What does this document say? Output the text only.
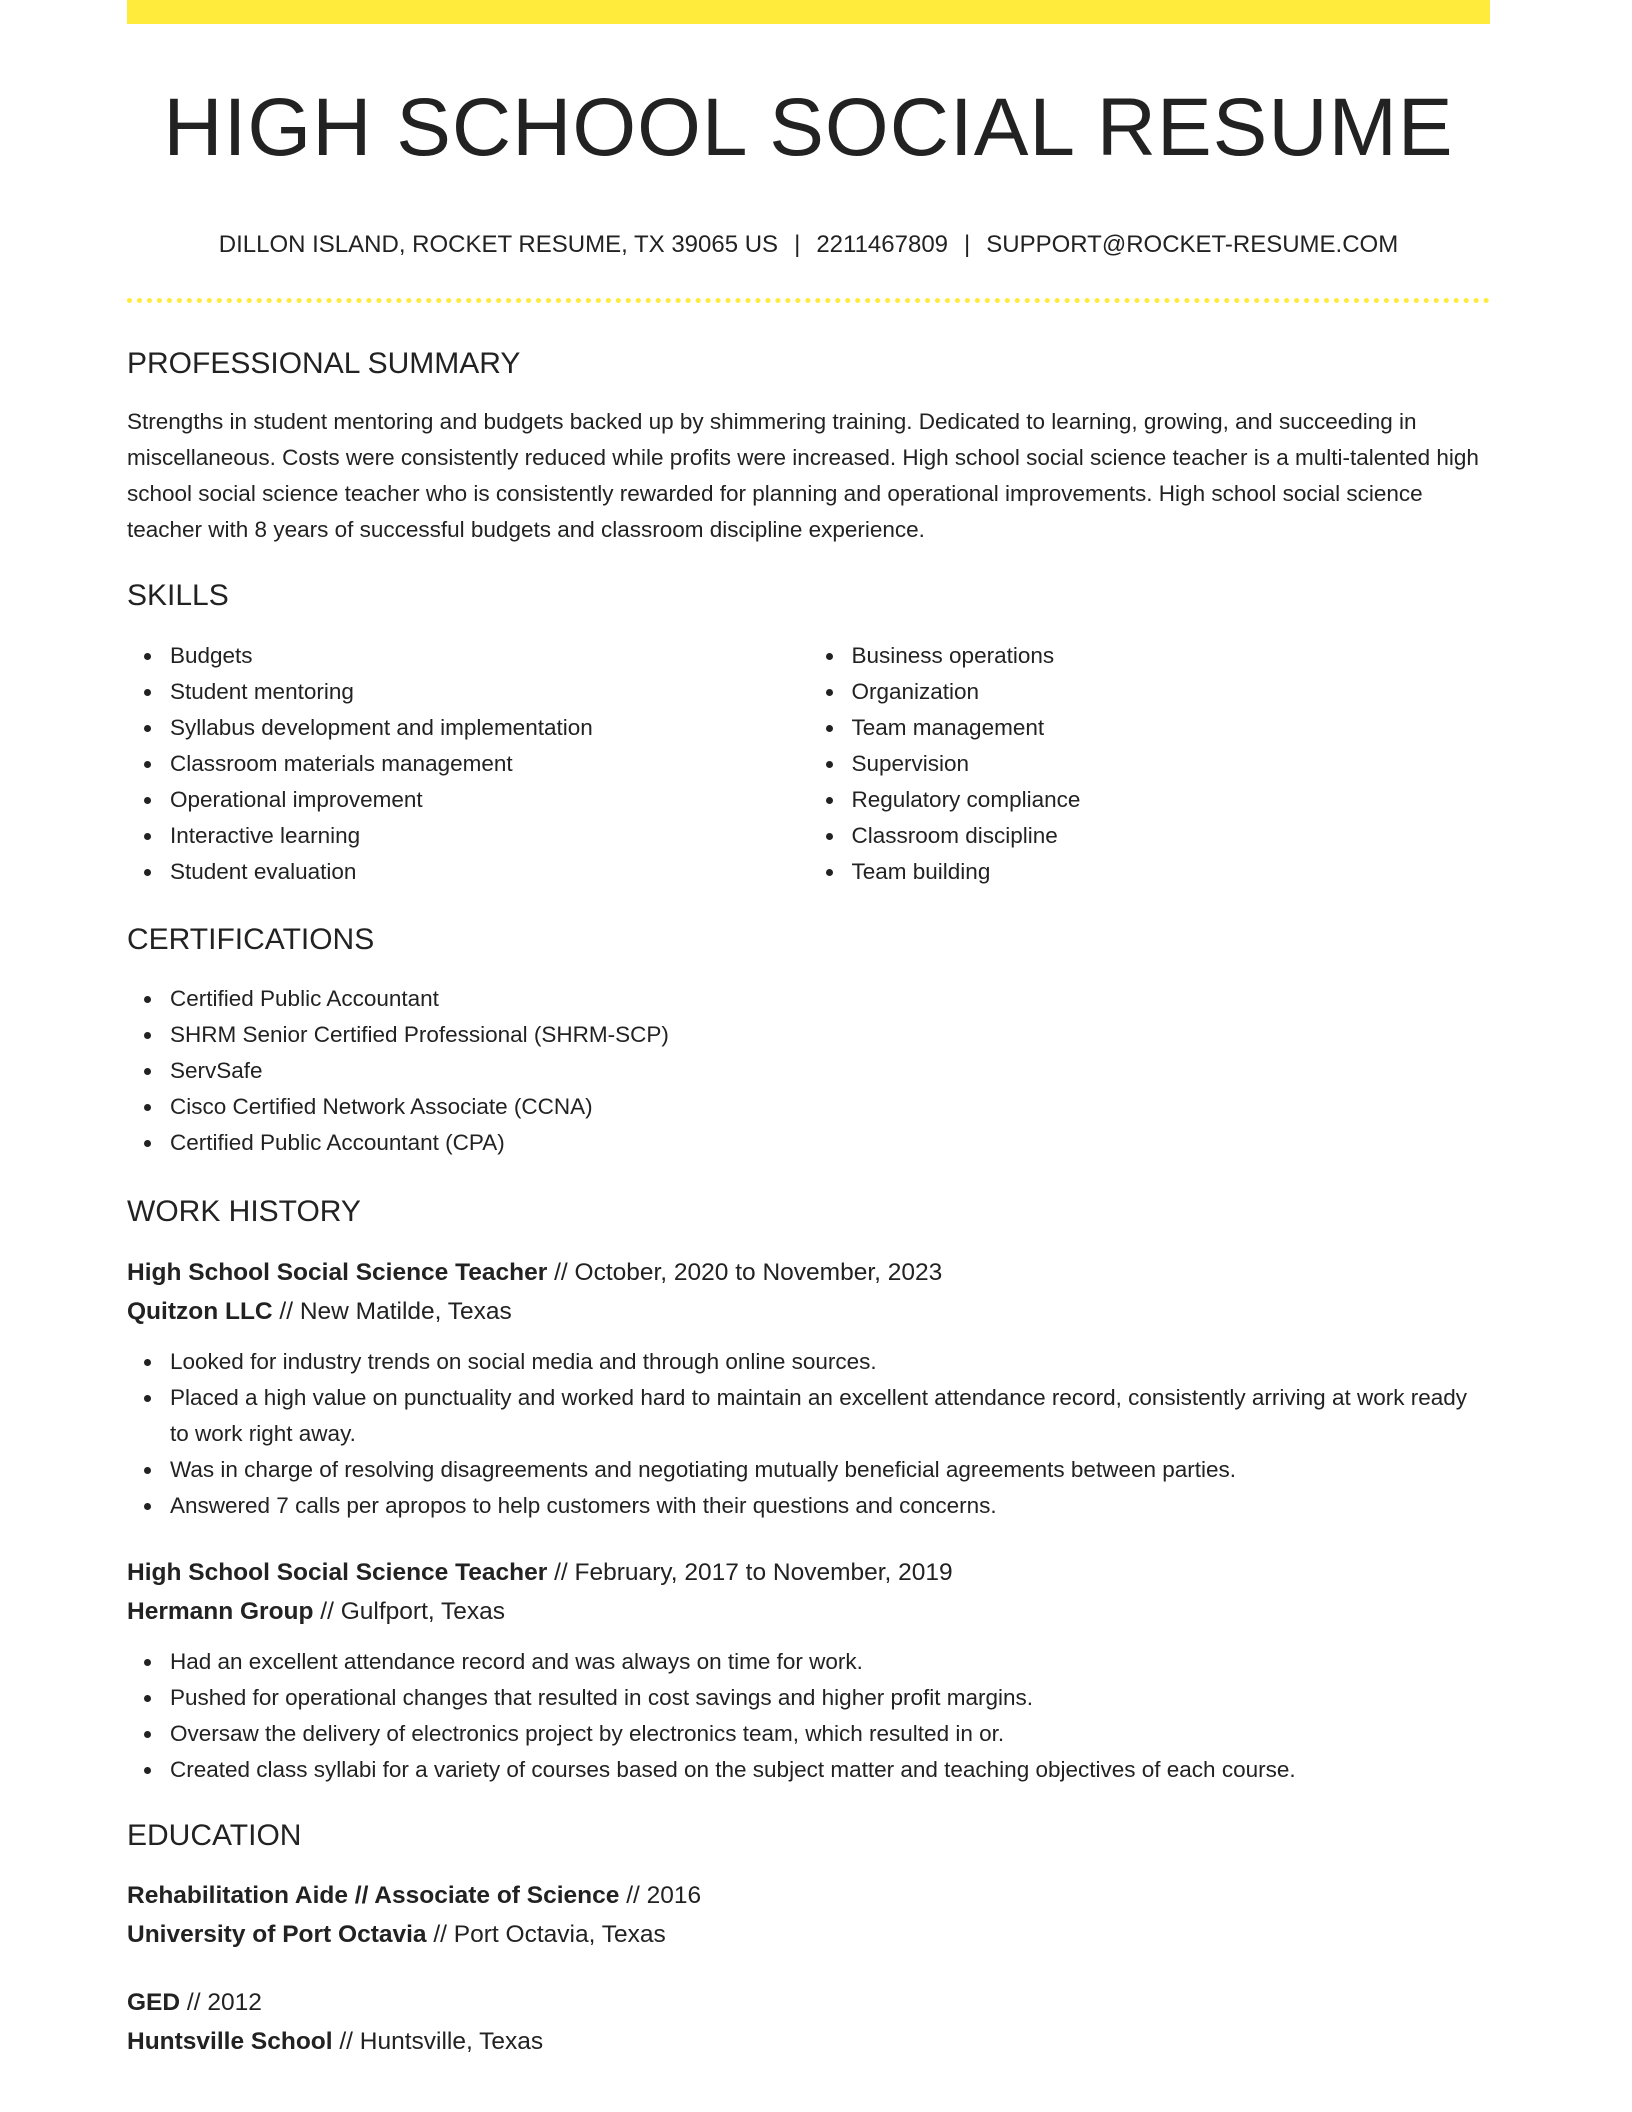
HIGH SCHOOL SOCIAL RESUME
DILLON ISLAND, ROCKET RESUME, TX 39065 US | 2211467809 | SUPPORT@ROCKET-RESUME.COM
PROFESSIONAL SUMMARY
Strengths in student mentoring and budgets backed up by shimmering training. Dedicated to learning, growing, and succeeding in miscellaneous. Costs were consistently reduced while profits were increased. High school social science teacher is a multi-talented high school social science teacher who is consistently rewarded for planning and operational improvements. High school social science teacher with 8 years of successful budgets and classroom discipline experience.
SKILLS
Budgets
Student mentoring
Syllabus development and implementation
Classroom materials management
Operational improvement
Interactive learning
Student evaluation
Business operations
Organization
Team management
Supervision
Regulatory compliance
Classroom discipline
Team building
CERTIFICATIONS
Certified Public Accountant
SHRM Senior Certified Professional (SHRM-SCP)
ServSafe
Cisco Certified Network Associate (CCNA)
Certified Public Accountant (CPA)
WORK HISTORY
High School Social Science Teacher // October, 2020 to November, 2023
Quitzon LLC // New Matilde, Texas
Looked for industry trends on social media and through online sources.
Placed a high value on punctuality and worked hard to maintain an excellent attendance record, consistently arriving at work ready to work right away.
Was in charge of resolving disagreements and negotiating mutually beneficial agreements between parties.
Answered 7 calls per apropos to help customers with their questions and concerns.
High School Social Science Teacher // February, 2017 to November, 2019
Hermann Group // Gulfport, Texas
Had an excellent attendance record and was always on time for work.
Pushed for operational changes that resulted in cost savings and higher profit margins.
Oversaw the delivery of electronics project by electronics team, which resulted in or.
Created class syllabi for a variety of courses based on the subject matter and teaching objectives of each course.
EDUCATION
Rehabilitation Aide // Associate of Science // 2016
University of Port Octavia // Port Octavia, Texas
GED // 2012
Huntsville School // Huntsville, Texas
